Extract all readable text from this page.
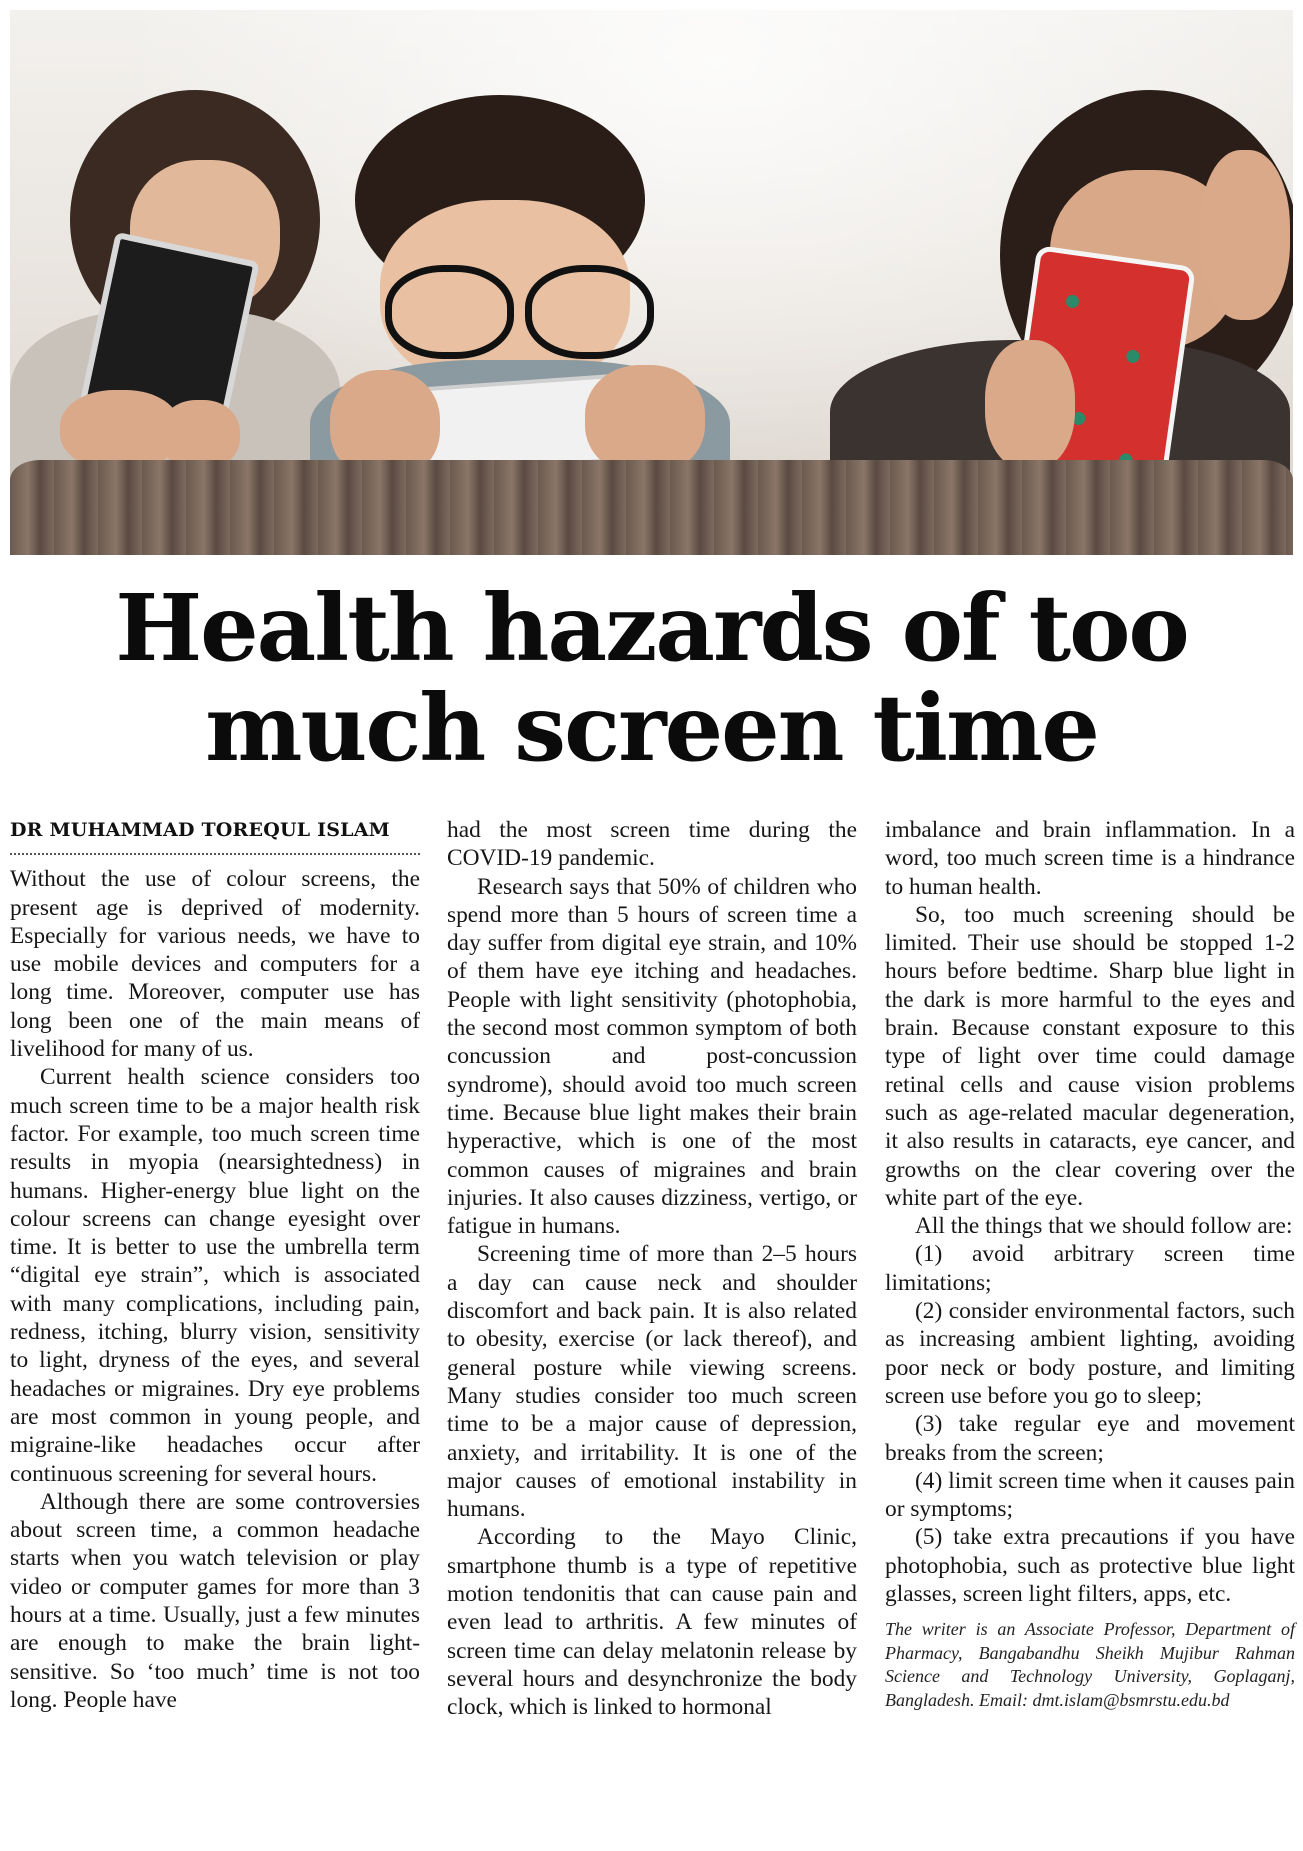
Health hazards of too
much screen time
DR MUHAMMAD TOREQUL ISLAM

Without the use of colour screens, the present age is deprived of modernity. Especially for various needs, we have to use mobile devices and computers for a long time. Moreover, computer use has long been one of the main means of livelihood for many of us.

Current health science considers too much screen time to be a major health risk factor. For example, too much screen time results in myopia (nearsightedness) in humans. Higher-energy blue light on the colour screens can change eyesight over time. It is better to use the umbrella term “digital eye strain”, which is associated with many complications, including pain, redness, itching, blurry vision, sensitivity to light, dryness of the eyes, and several headaches or migraines. Dry eye problems are most common in young people, and migraine-like headaches occur after continuous screening for several hours.

Although there are some controversies about screen time, a common headache starts when you watch television or play video or computer games for more than 3 hours at a time. Usually, just a few minutes are enough to make the brain light-sensitive. So ‘too much’ time is not too long. People have

had the most screen time during the COVID-19 pandemic.

Research says that 50% of children who spend more than 5 hours of screen time a day suffer from digital eye strain, and 10% of them have eye itching and headaches. People with light sensitivity (photophobia, the second most common symptom of both concussion and post-concussion syndrome), should avoid too much screen time. Because blue light makes their brain hyperactive, which is one of the most common causes of migraines and brain injuries. It also causes dizziness, vertigo, or fatigue in humans.

Screening time of more than 2–5 hours a day can cause neck and shoulder discomfort and back pain. It is also related to obesity, exercise (or lack thereof), and general posture while viewing screens. Many studies consider too much screen time to be a major cause of depression, anxiety, and irritability. It is one of the major causes of emotional instability in humans.

According to the Mayo Clinic, smartphone thumb is a type of repetitive motion tendonitis that can cause pain and even lead to arthritis. A few minutes of screen time can delay melatonin release by several hours and desynchronize the body clock, which is linked to hormonal

imbalance and brain inflammation. In a word, too much screen time is a hindrance to human health.

So, too much screening should be limited. Their use should be stopped 1-2 hours before bedtime. Sharp blue light in the dark is more harmful to the eyes and brain. Because constant exposure to this type of light over time could damage retinal cells and cause vision problems such as age-related macular degeneration, it also results in cataracts, eye cancer, and growths on the clear covering over the white part of the eye.

All the things that we should follow are:

(1) avoid arbitrary screen time limitations;

(2) consider environmental factors, such as increasing ambient lighting, avoiding poor neck or body posture, and limiting screen use before you go to sleep;

(3) take regular eye and movement breaks from the screen;

(4) limit screen time when it causes pain or symptoms;

(5) take extra precautions if you have photophobia, such as protective blue light glasses, screen light filters, apps, etc.

The writer is an Associate Professor, Department of Pharmacy, Bangabandhu Sheikh Mujibur Rahman Science and Technology University, Goplaganj, Bangladesh. Email: dmt.islam@bsmrstu.edu.bd
